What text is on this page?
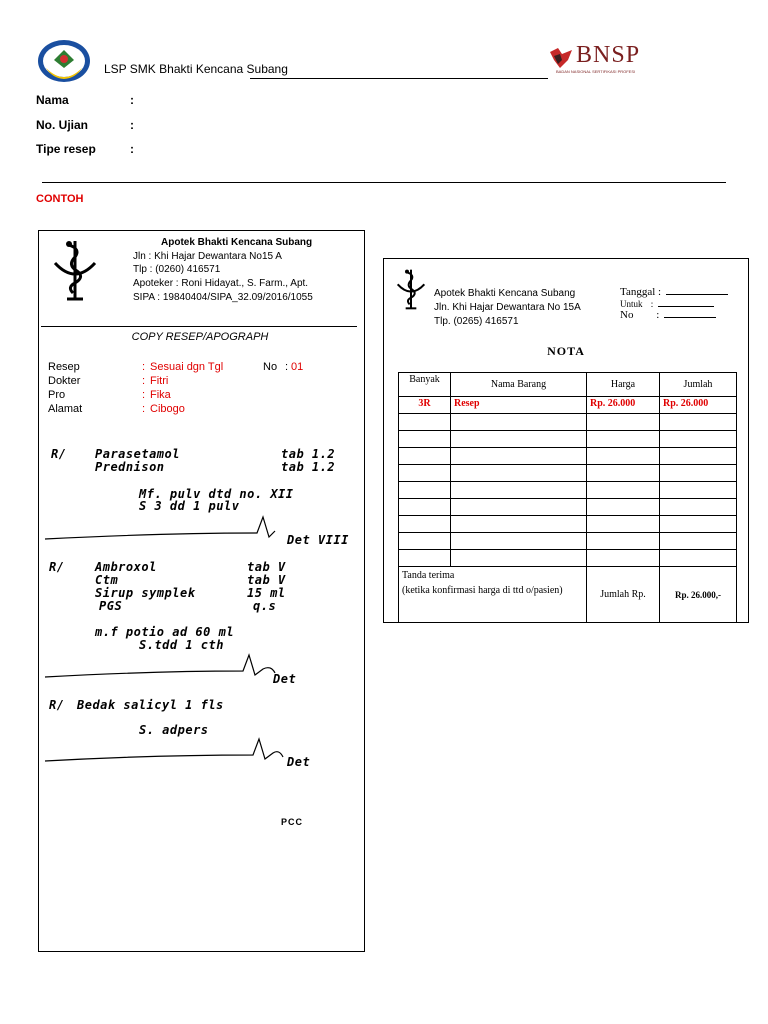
LSP SMK Bhakti Kencana Subang
BNSP
BADAN NASIONAL SERTIFIKASI PROFESI
Nama	:
No. Ujian	:
Tipe resep	:
CONTOH
Apotek Bhakti Kencana Subang
Jln : Khi Hajar Dewantara No15 A
Tlp : (0260) 416571
Apoteker : Roni Hidayat., S. Farm., Apt.
SIPA : 19840404/SIPA_32.09/2016/1055
COPY RESEP/APOGRAPH
Resep	: Sesuai dgn Tgl	No : 01
Dokter	: Fitri
Pro	: Fika
Alamat	: Cibogo
R/ Parasetamol	tab 1.2
Prednison	tab 1.2
Mf. pulv dtd no. XII
S 3 dd 1 pulv
Det VIII
R/	Ambroxol	tab V
Ctm	tab V
Sirup symplek	15 ml
PGS	q.s
m.f potio ad 60 ml
S.tdd 1 cth
Det
R/ Bedak salicyl 1 fls
S. adpers
Det
PCC
Apotek Bhakti Kencana Subang
Jln. Khi Hajar Dewantara No 15A
Tlp. (0265) 416571
Tanggal :
Untuk :
No :
NOTA
Banyak	Nama Barang	Harga	Jumlah
3R	Resep	Rp. 26.000	Rp. 26.000

Tanda terima
(ketika konfirmasi harga di ttd o/pasien)		Jumlah Rp.	Rp. 26.000,-
